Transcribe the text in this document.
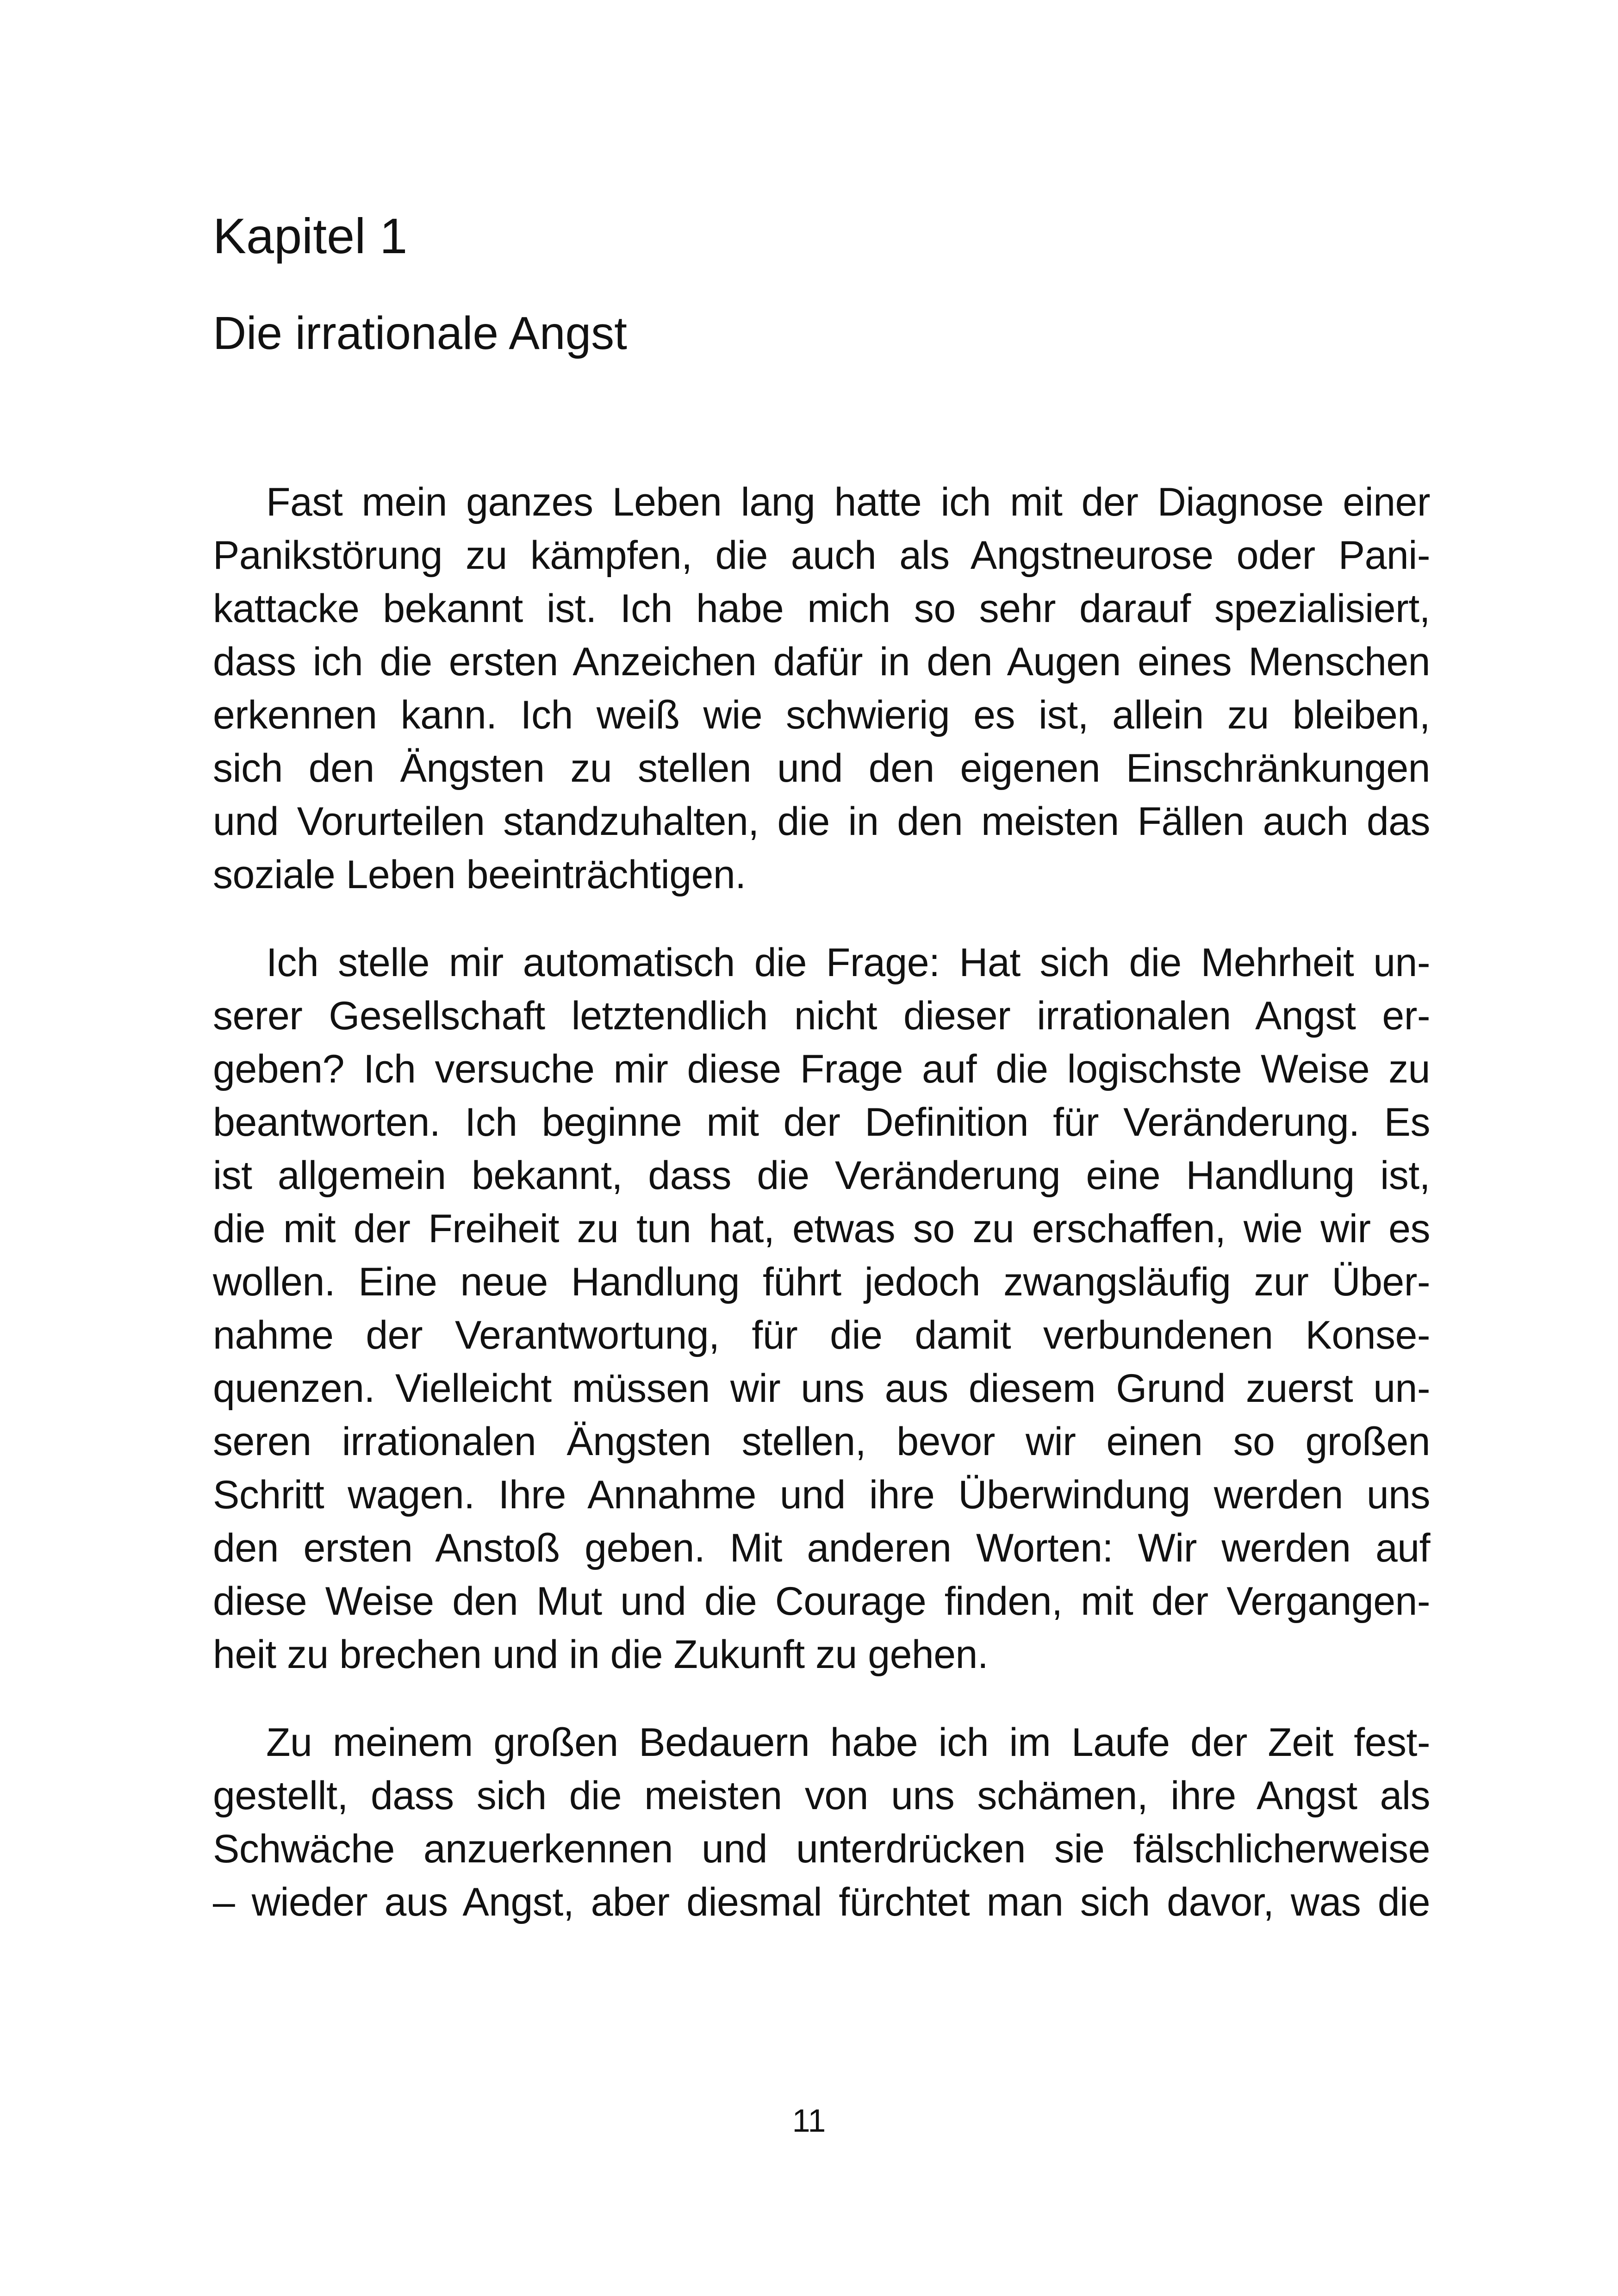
Kapitel 1
Die irrationale Angst

Fast mein ganzes Leben lang hatte ich mit der Diagnose einer

Panikstörung zu kämpfen, die auch als Angstneurose oder Pani-

kattacke bekannt ist. Ich habe mich so sehr darauf spezialisiert,

dass ich die ersten Anzeichen dafür in den Augen eines Menschen

erkennen kann. Ich weiß wie schwierig es ist, allein zu bleiben,

sich den Ängsten zu stellen und den eigenen Einschränkungen

und Vorurteilen standzuhalten, die in den meisten Fällen auch das

soziale Leben beeinträchtigen.

Ich stelle mir automatisch die Frage: Hat sich die Mehrheit un-

serer Gesellschaft letztendlich nicht dieser irrationalen Angst er-

geben? Ich versuche mir diese Frage auf die logischste Weise zu

beantworten. Ich beginne mit der Definition für Veränderung. Es

ist allgemein bekannt, dass die Veränderung eine Handlung ist,

die mit der Freiheit zu tun hat, etwas so zu erschaffen, wie wir es

wollen. Eine neue Handlung führt jedoch zwangsläufig zur Über-

nahme der Verantwortung, für die damit verbundenen Konse-

quenzen. Vielleicht müssen wir uns aus diesem Grund zuerst un-

seren irrationalen Ängsten stellen, bevor wir einen so großen

Schritt wagen. Ihre Annahme und ihre Überwindung werden uns

den ersten Anstoß geben. Mit anderen Worten: Wir werden auf

diese Weise den Mut und die Courage finden, mit der Vergangen-

heit zu brechen und in die Zukunft zu gehen.

Zu meinem großen Bedauern habe ich im Laufe der Zeit fest-

gestellt, dass sich die meisten von uns schämen, ihre Angst als

Schwäche anzuerkennen und unterdrücken sie fälschlicherweise

– wieder aus Angst, aber diesmal fürchtet man sich davor, was die

11
